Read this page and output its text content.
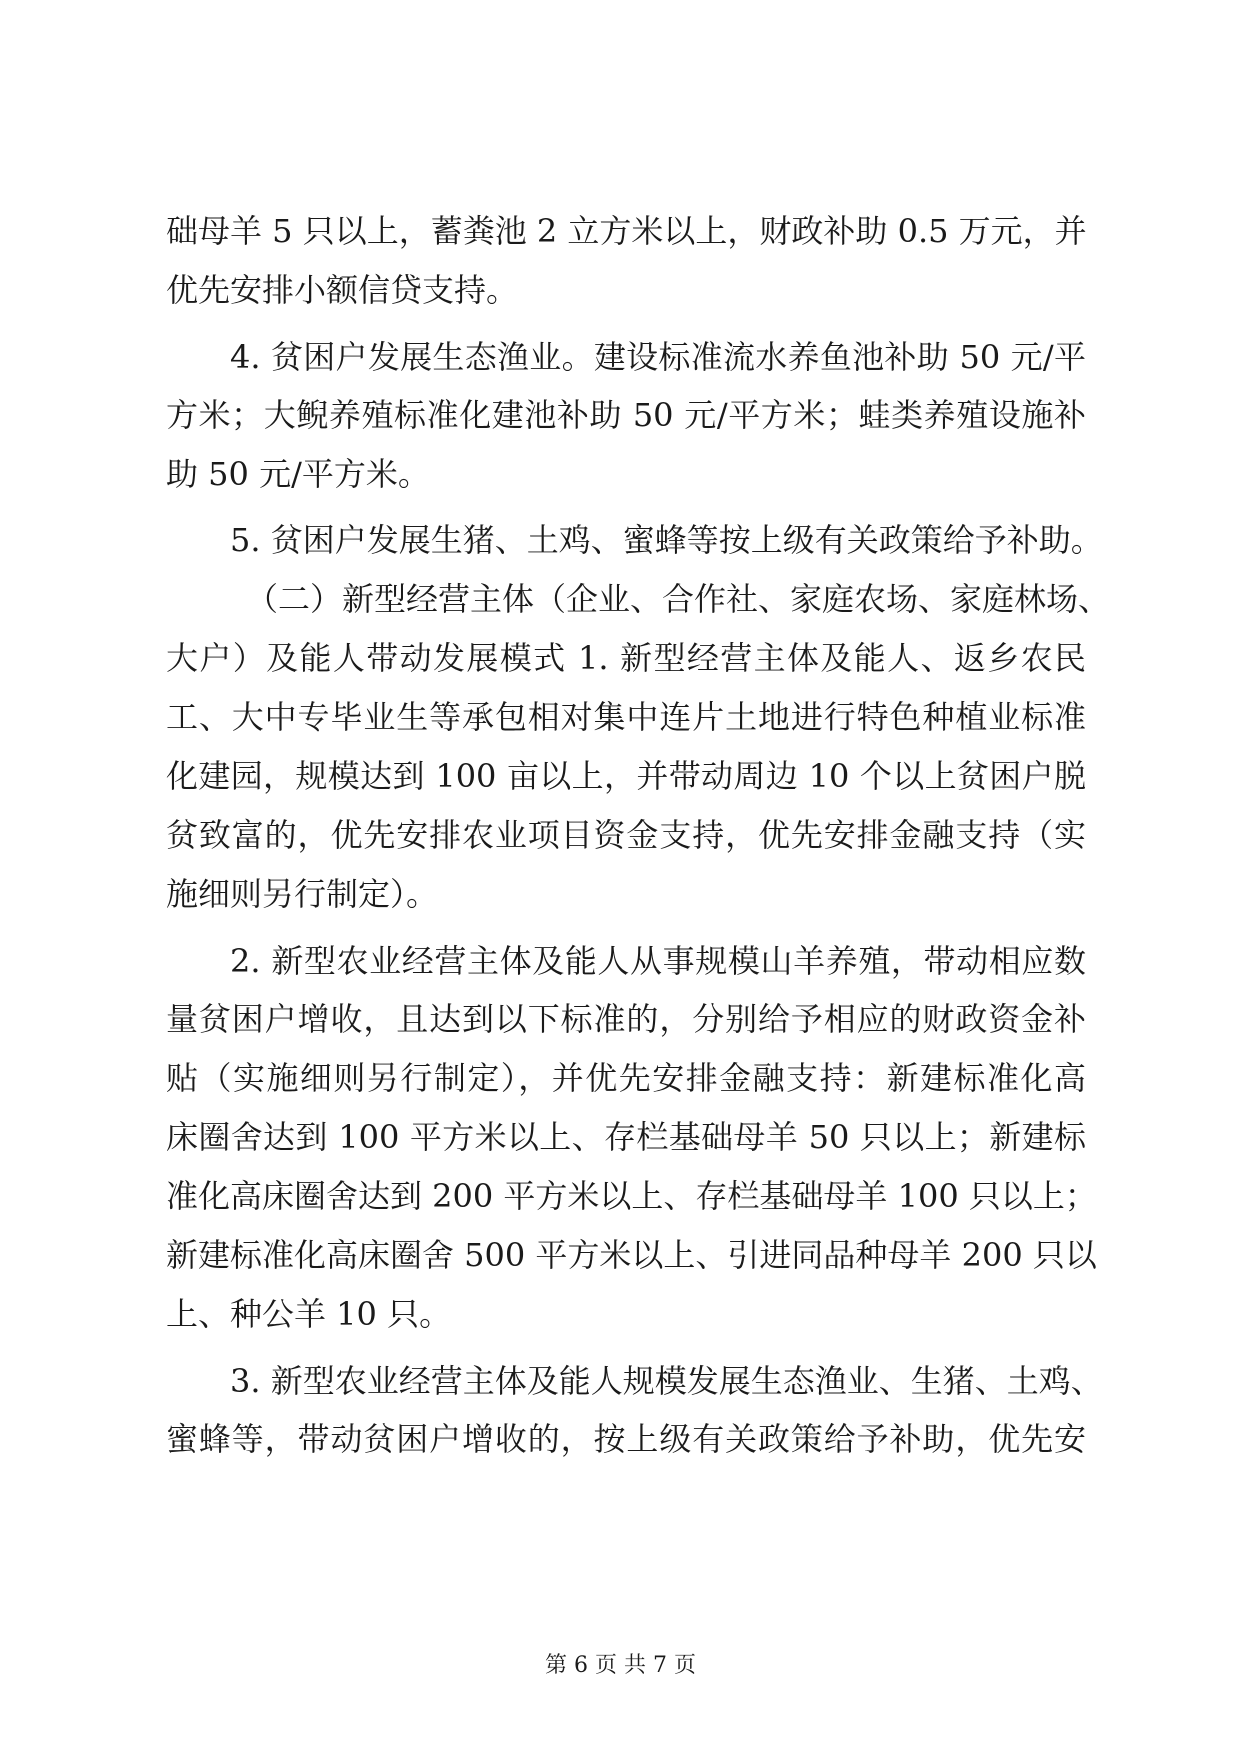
础母羊 5 只以上，蓄粪池 2 立方米以上，财政补助 0.5 万元，并
优先安排小额信贷支持。
4. 贫困户发展生态渔业。建设标准流水养鱼池补助 50 元/平
方米；大鲵养殖标准化建池补助 50 元/平方米；蛙类养殖设施补
助 50 元/平方米。
5. 贫困户发展生猪、土鸡、蜜蜂等按上级有关政策给予补助。
（二）新型经营主体（企业、合作社、家庭农场、家庭林场、
大户）及能人带动发展模式 1. 新型经营主体及能人、返乡农民
工、大中专毕业生等承包相对集中连片土地进行特色种植业标准
化建园，规模达到 100 亩以上，并带动周边 10 个以上贫困户脱
贫致富的，优先安排农业项目资金支持，优先安排金融支持（实
施细则另行制定）。
2. 新型农业经营主体及能人从事规模山羊养殖，带动相应数
量贫困户增收，且达到以下标准的，分别给予相应的财政资金补
贴（实施细则另行制定），并优先安排金融支持：新建标准化高
床圈舍达到 100 平方米以上、存栏基础母羊 50 只以上；新建标
准化高床圈舍达到 200 平方米以上、存栏基础母羊 100 只以上；
新建标准化高床圈舍 500 平方米以上、引进同品种母羊 200 只以
上、种公羊 10 只。
3. 新型农业经营主体及能人规模发展生态渔业、生猪、土鸡、
蜜蜂等，带动贫困户增收的，按上级有关政策给予补助，优先安
第 6 页 共 7 页
